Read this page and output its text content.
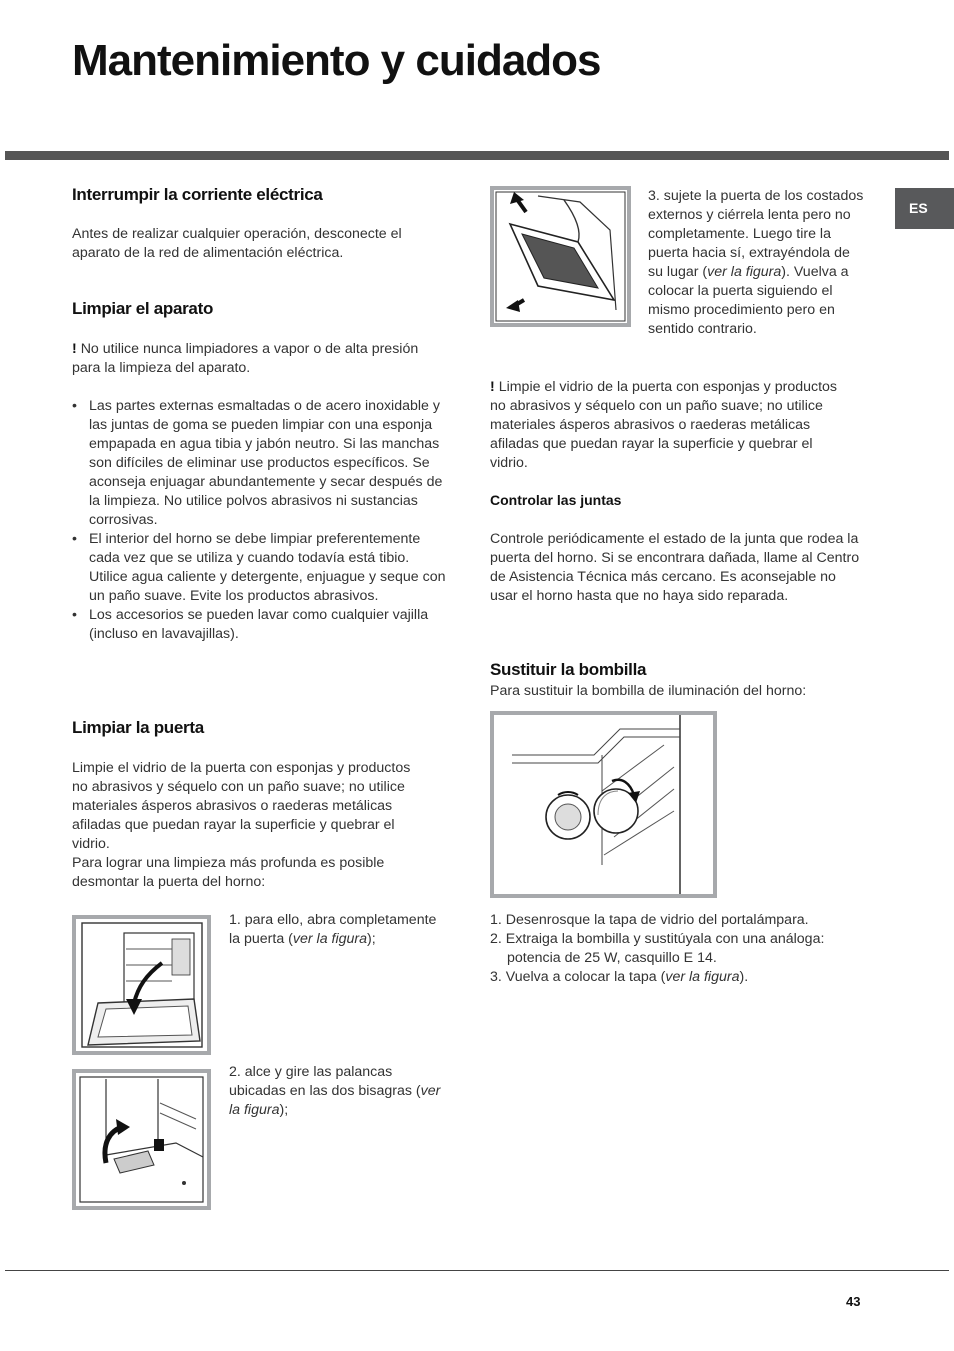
Mantenimiento y cuidados
ES
Interrumpir la corriente eléctrica

Antes de realizar cualquier operación, desconecte el aparato de la red de alimentación eléctrica.

Limpiar el aparato

! No utilice nunca limpiadores a vapor o de alta presión para la limpieza del aparato.

• Las partes externas esmaltadas o de acero inoxidable y las juntas de goma se pueden limpiar con una esponja empapada en agua tibia y jabón neutro. Si las manchas son difíciles de eliminar use productos específicos. Se aconseja enjuagar abundantemente y secar después de la limpieza. No utilice polvos abrasivos ni sustancias corrosivas.
• El interior del horno se debe limpiar preferentemente cada vez que se utiliza y cuando todavía está tibio. Utilice agua caliente y detergente, enjuague y seque con un paño suave. Evite los productos abrasivos.
• Los accesorios se pueden lavar como cualquier vajilla (incluso en lavavajillas).
Limpiar la puerta

Limpie el vidrio de la puerta con esponjas y productos no abrasivos y séquelo con un paño suave; no utilice materiales ásperos abrasivos o raederas metálicas afiladas que puedan rayar la superficie y quebrar el vidrio.

Para lograr una limpieza más profunda es posible desmontar la puerta del horno:

1. para ello, abra completamente la puerta (ver la figura);

2. alce y gire las palancas ubicadas en las dos bisagras (ver la figura);

3. sujete la puerta de los costados externos y ciérrela lenta pero no completamente. Luego tire la puerta hacia sí, extrayéndola de su lugar (ver la figura). Vuelva a colocar la puerta siguiendo el mismo procedimiento pero en sentido contrario.

! Limpie el vidrio de la puerta con esponjas y productos no abrasivos y séquelo con un paño suave; no utilice materiales ásperos abrasivos o raederas metálicas afiladas que puedan rayar la superficie y quebrar el vidrio.

Controlar las juntas

Controle periódicamente el estado de la junta que rodea la puerta del horno. Si se encontrara dañada, llame al Centro de Asistencia Técnica más cercano. Es aconsejable no usar el horno hasta que no haya sido reparada.

Sustituir la bombilla

Para sustituir la bombilla de iluminación del horno:

1. Desenrosque la tapa de vidrio del portalámpara.
2. Extraiga la bombilla y sustitúyala con una análoga: potencia de 25 W, casquillo E 14.
3. Vuelva a colocar la tapa (ver la figura).
43
